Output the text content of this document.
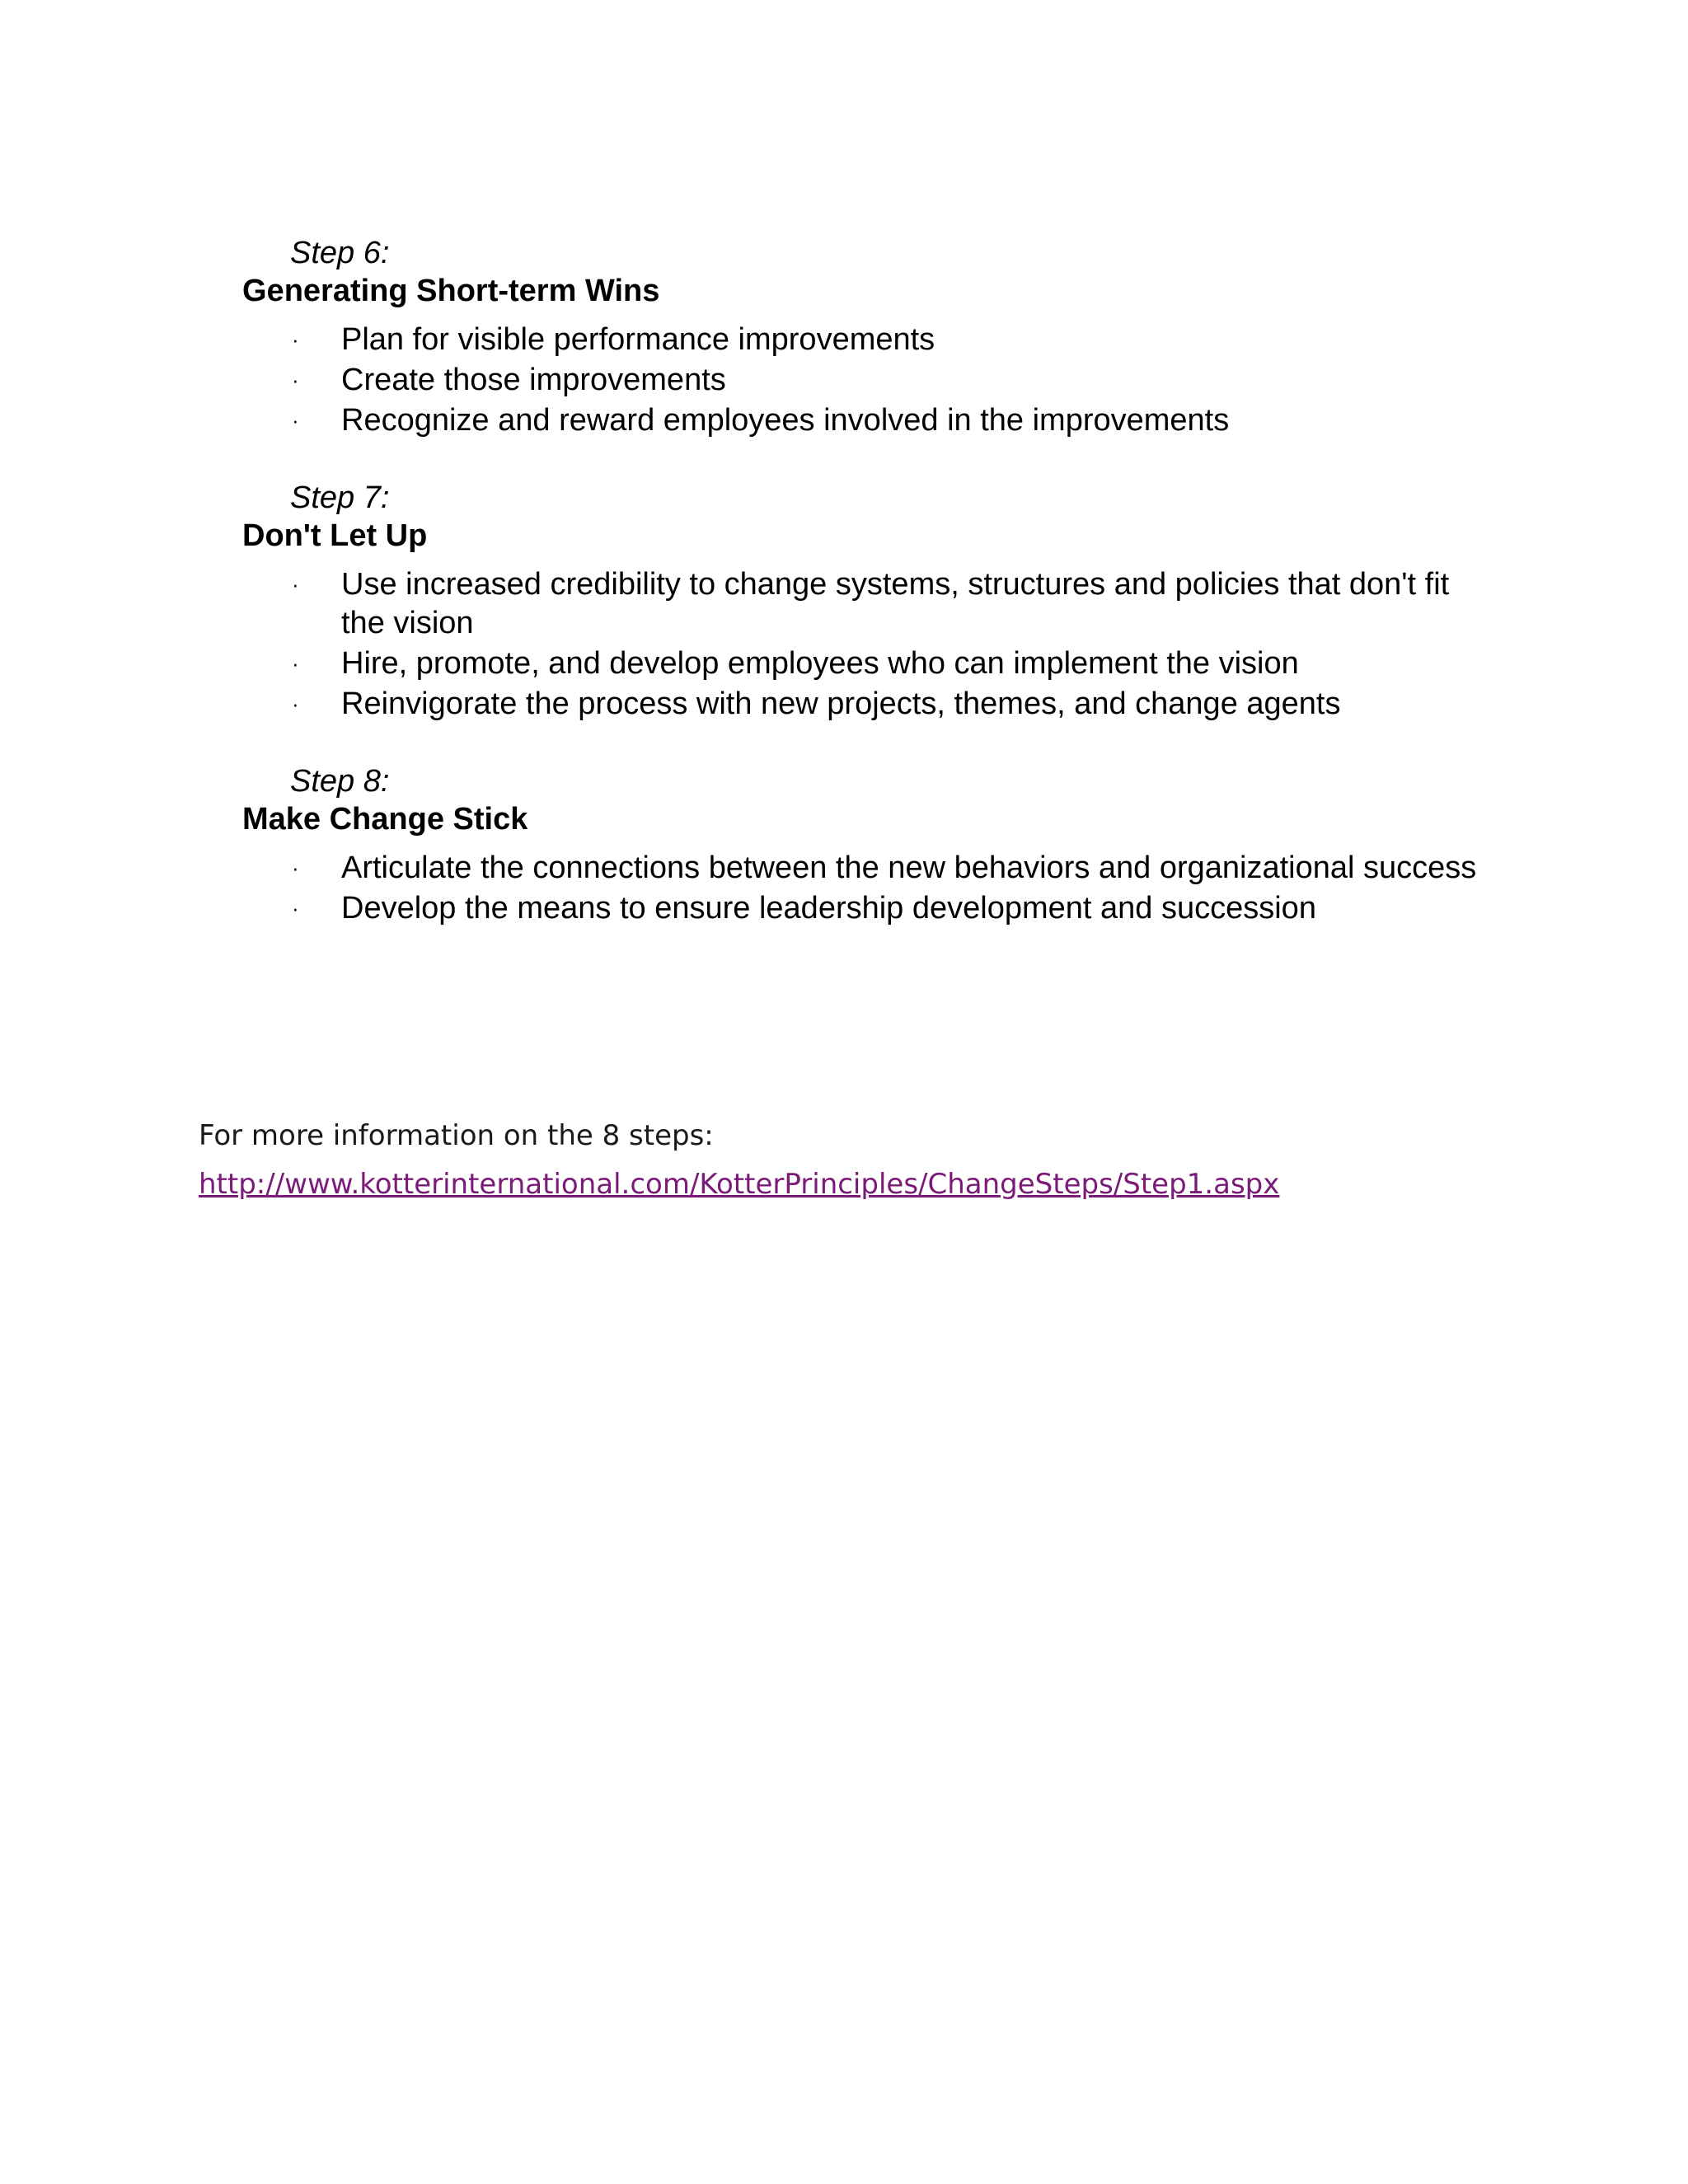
Step 6:
Generating Short-term Wins
· Plan for visible performance improvements
· Create those improvements
· Recognize and reward employees involved in the improvements
Step 7:
Don't Let Up
· Use increased credibility to change systems, structures and policies that don't fit the vision
· Hire, promote, and develop employees who can implement the vision
· Reinvigorate the process with new projects, themes, and change agents
Step 8:
Make Change Stick
· Articulate the connections between the new behaviors and organizational success
· Develop the means to ensure leadership development and succession
For more information on the 8 steps:
http://www.kotterinternational.com/KotterPrinciples/ChangeSteps/Step1.aspx
